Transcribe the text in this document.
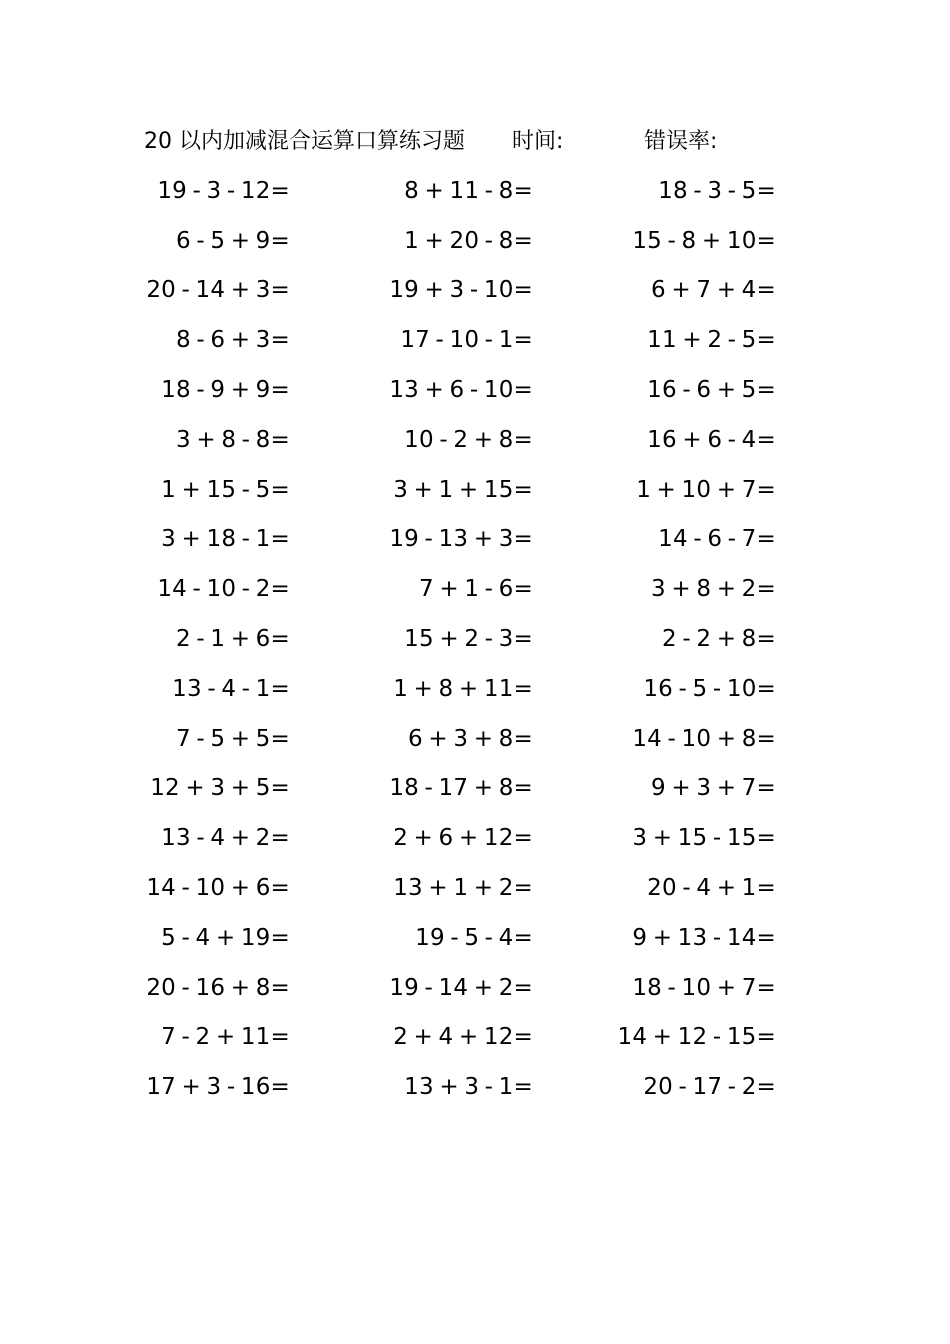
20 以内加减混合运算口算练习题 时间:	错误率:
19 - 3 - 12=	8 + 11 - 8=	18 - 3 - 5=
6 - 5 + 9=	1 + 20 - 8=	15 - 8 + 10=
20 - 14 + 3=	19 + 3 - 10=	6 + 7 + 4=
8 - 6 + 3=	17 - 10 - 1=	11 + 2 - 5=
18 - 9 + 9=	13 + 6 - 10=	16 - 6 + 5=
3 + 8 - 8=	10 - 2 + 8=	16 + 6 - 4=
1 + 15 - 5=	3 + 1 + 15=	1 + 10 + 7=
3 + 18 - 1=	19 - 13 + 3=	14 - 6 - 7=
14 - 10 - 2=	7 + 1 - 6=	3 + 8 + 2=
2 - 1 + 6=	15 + 2 - 3=	2 - 2 + 8=
13 - 4 - 1=	1 + 8 + 11=	16 - 5 - 10=
7 - 5 + 5=	6 + 3 + 8=	14 - 10 + 8=
12 + 3 + 5=	18 - 17 + 8=	9 + 3 + 7=
13 - 4 + 2=	2 + 6 + 12=	3 + 15 - 15=
14 - 10 + 6=	13 + 1 + 2=	20 - 4 + 1=
5 - 4 + 19=	19 - 5 - 4=	9 + 13 - 14=
20 - 16 + 8=	19 - 14 + 2=	18 - 10 + 7=
7 - 2 + 11=	2 + 4 + 12=	14 + 12 - 15=
17 + 3 - 16=	13 + 3 - 1=	20 - 17 - 2=
